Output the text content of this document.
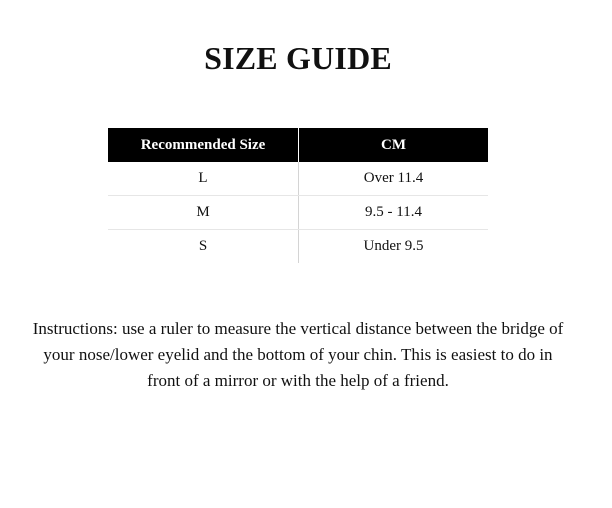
SIZE GUIDE
Recommended Size	CM
L	Over 11.4
M	9.5 - 11.4
S	Under 9.5

Instructions: use a ruler to measure the vertical distance between the bridge of your nose/lower eyelid and the bottom of your chin. This is easiest to do in front of a mirror or with the help of a friend.
